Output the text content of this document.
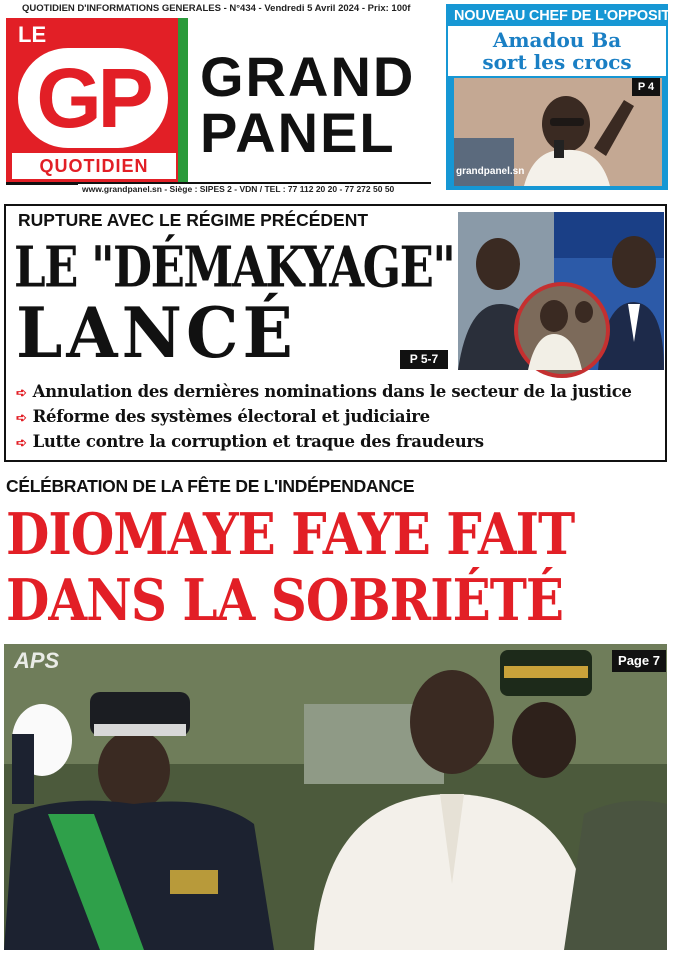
QUOTIDIEN D'INFORMATIONS GENERALES - N°434 - Vendredi 5 Avril 2024 - Prix: 100f
LE
GP
QUOTIDIEN
GRAND
PANEL
www.grandpanel.sn - Siège : SIPES 2 - VDN / TEL : 77 112 20 20 - 77 272 50 50
NOUVEAU CHEF DE L'OPPOSITION
Amadou Ba
sort les crocs
grandpanel.sn
P 4
RUPTURE AVEC LE RÉGIME PRÉCÉDENT
LE "DÉMAKYAGE"
LANCÉ	P 5-7
➪ Annulation des dernières nominations dans le secteur de la justice
➪ Réforme des systèmes électoral et judiciaire
➪ Lutte contre la corruption et traque des fraudeurs
CÉLÉBRATION DE LA FÊTE DE L'INDÉPENDANCE
DIOMAYE FAYE FAIT
DANS LA SOBRIÉTÉ
APS	Page 7
